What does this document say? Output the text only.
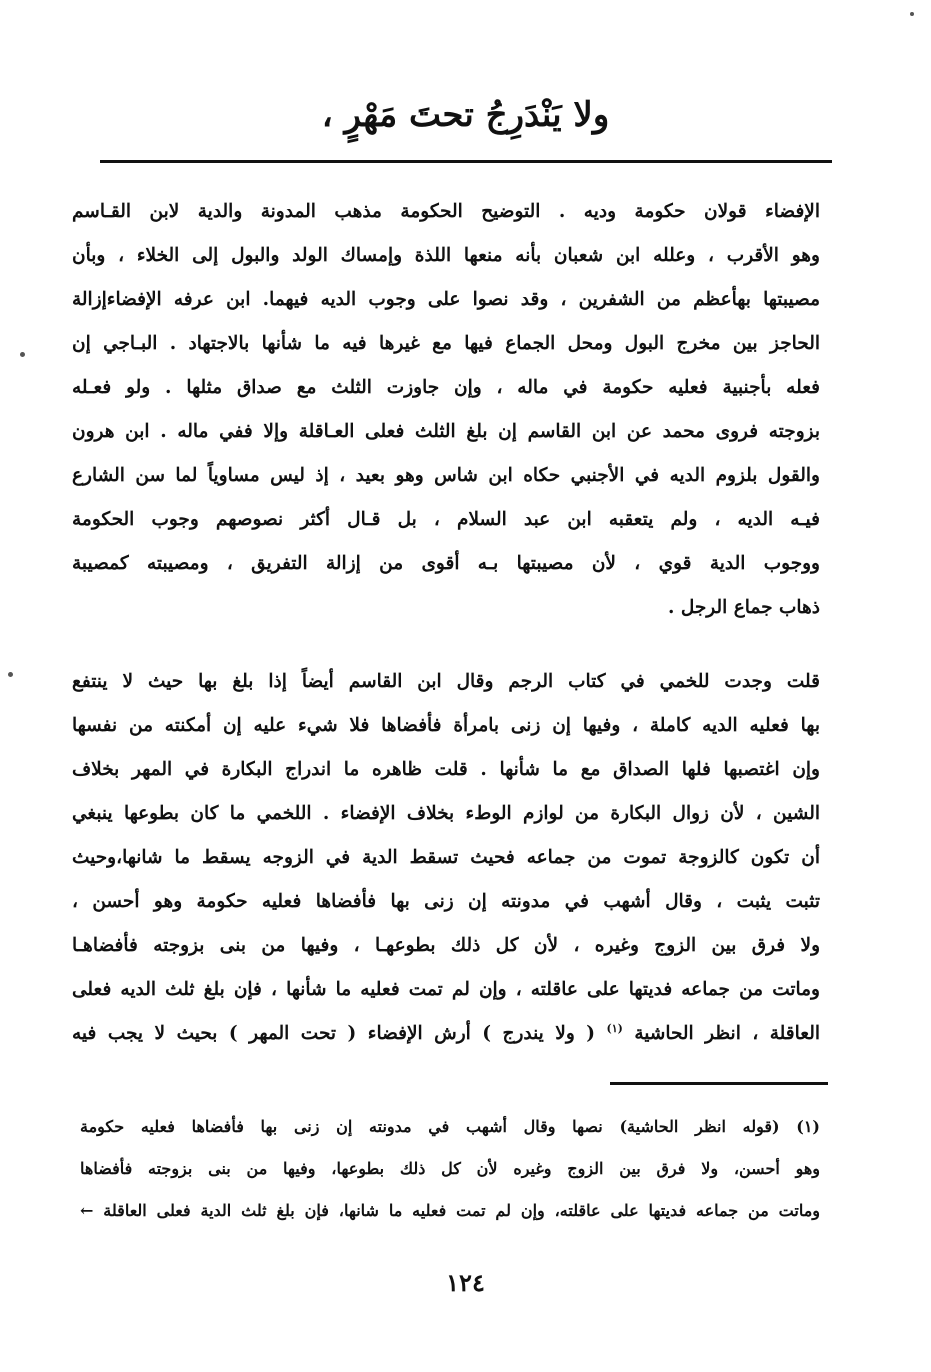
ولا يَنْدَرِجُ تحتَ مَهْرٍ ،
الإفضاء قولان حكومة وديه . التوضيح الحكومة مذهب المدونة والدية لابن القـاسم
وهو الأقرب ، وعلله ابن شعبان بأنه منعها اللذة وإمساك الولد والبول إلى الخلاء ، وبأن
مصيبتها بهأعظم من الشفرين ، وقد نصوا على وجوب الديه فيهما. ابن عرفه الإفضاءإزالة
الحاجز بين مخرج البول ومحل الجماع فيها مع غيرها فيه ما شأنها بالاجتهاد . البـاجي إن
فعله بأجنبية فعليه حكومة في ماله ، وإن جاوزت الثلث مع صداق مثلها . ولو فعـله
بزوجته فروى محمد عن ابن القاسم إن بلغ الثلث فعلى العـاقلة وإلا ففي ماله . ابن هرون
والقول بلزوم الديه في الأجنبي حكاه ابن شاس وهو بعيد ، إذ ليس مساوياً لما سن الشارع
فيـه الديه ، ولم يتعقبه ابن عبد السلام ، بل قـال أكثر نصوصهم وجوب الحكومة
ووجوب الدية قوي ، لأن مصيبتها بـه أقوى من إزالة التفريق ، ومصيبته كمصيبة
ذهاب جماع الرجل .
قلت وجدت للخمي في كتاب الرجم وقال ابن القاسم أيضاً إذا بلغ بها حيث لا ينتفع
بها فعليه الديه كاملة ، وفيها إن زنى بامرأة فأفضاها فلا شيء عليه إن أمكنته من نفسها
وإن اغتصبها فلها الصداق مع ما شأنها . قلت ظاهره ما اندراج البكارة في المهر بخلاف
الشين ، لأن زوال البكارة من لوازم الوطء بخلاف الإفضاء . اللخمي ما كان بطوعها ينبغي
أن تكون كالزوجة تموت من جماعه فحيث تسقط الدية في الزوجه يسقط ما شانها،وحيث
تثبت يثبت ، وقال أشهب في مدونته إن زنى بها فأفضاها فعليه حكومة وهو أحسن ،
ولا فرق بين الزوج وغيره ، لأن كل ذلك بطوعهـا ، وفيها من بنى بزوجته فأفضاهـا
وماتت من جماعه فديتها على عاقلته ، وإن لم تمت فعليه ما شأنها ، فإن بلغ ثلث الديه فعلى
العاقلة ، انظر الحاشية $^{(١)}$ ( ولا يندرج ) أرش الإفضاء ( تحت المهر ) بحيث لا يجب فيه
(١) (قوله انظر الحاشية) نصها وقال أشهب في مدونته إن زنى بها فأفضاها فعليه حكومة
وهو أحسن، ولا فرق بين الزوج وغيره لأن كل ذلك بطوعها، وفيها من بنى بزوجته فأفضاها
وماتت من جماعه فديتها على عاقلته، وإن لم تمت فعليه ما شانها، فإن بلغ ثلث الدية فعلى العاقلة ←
١٢٤
